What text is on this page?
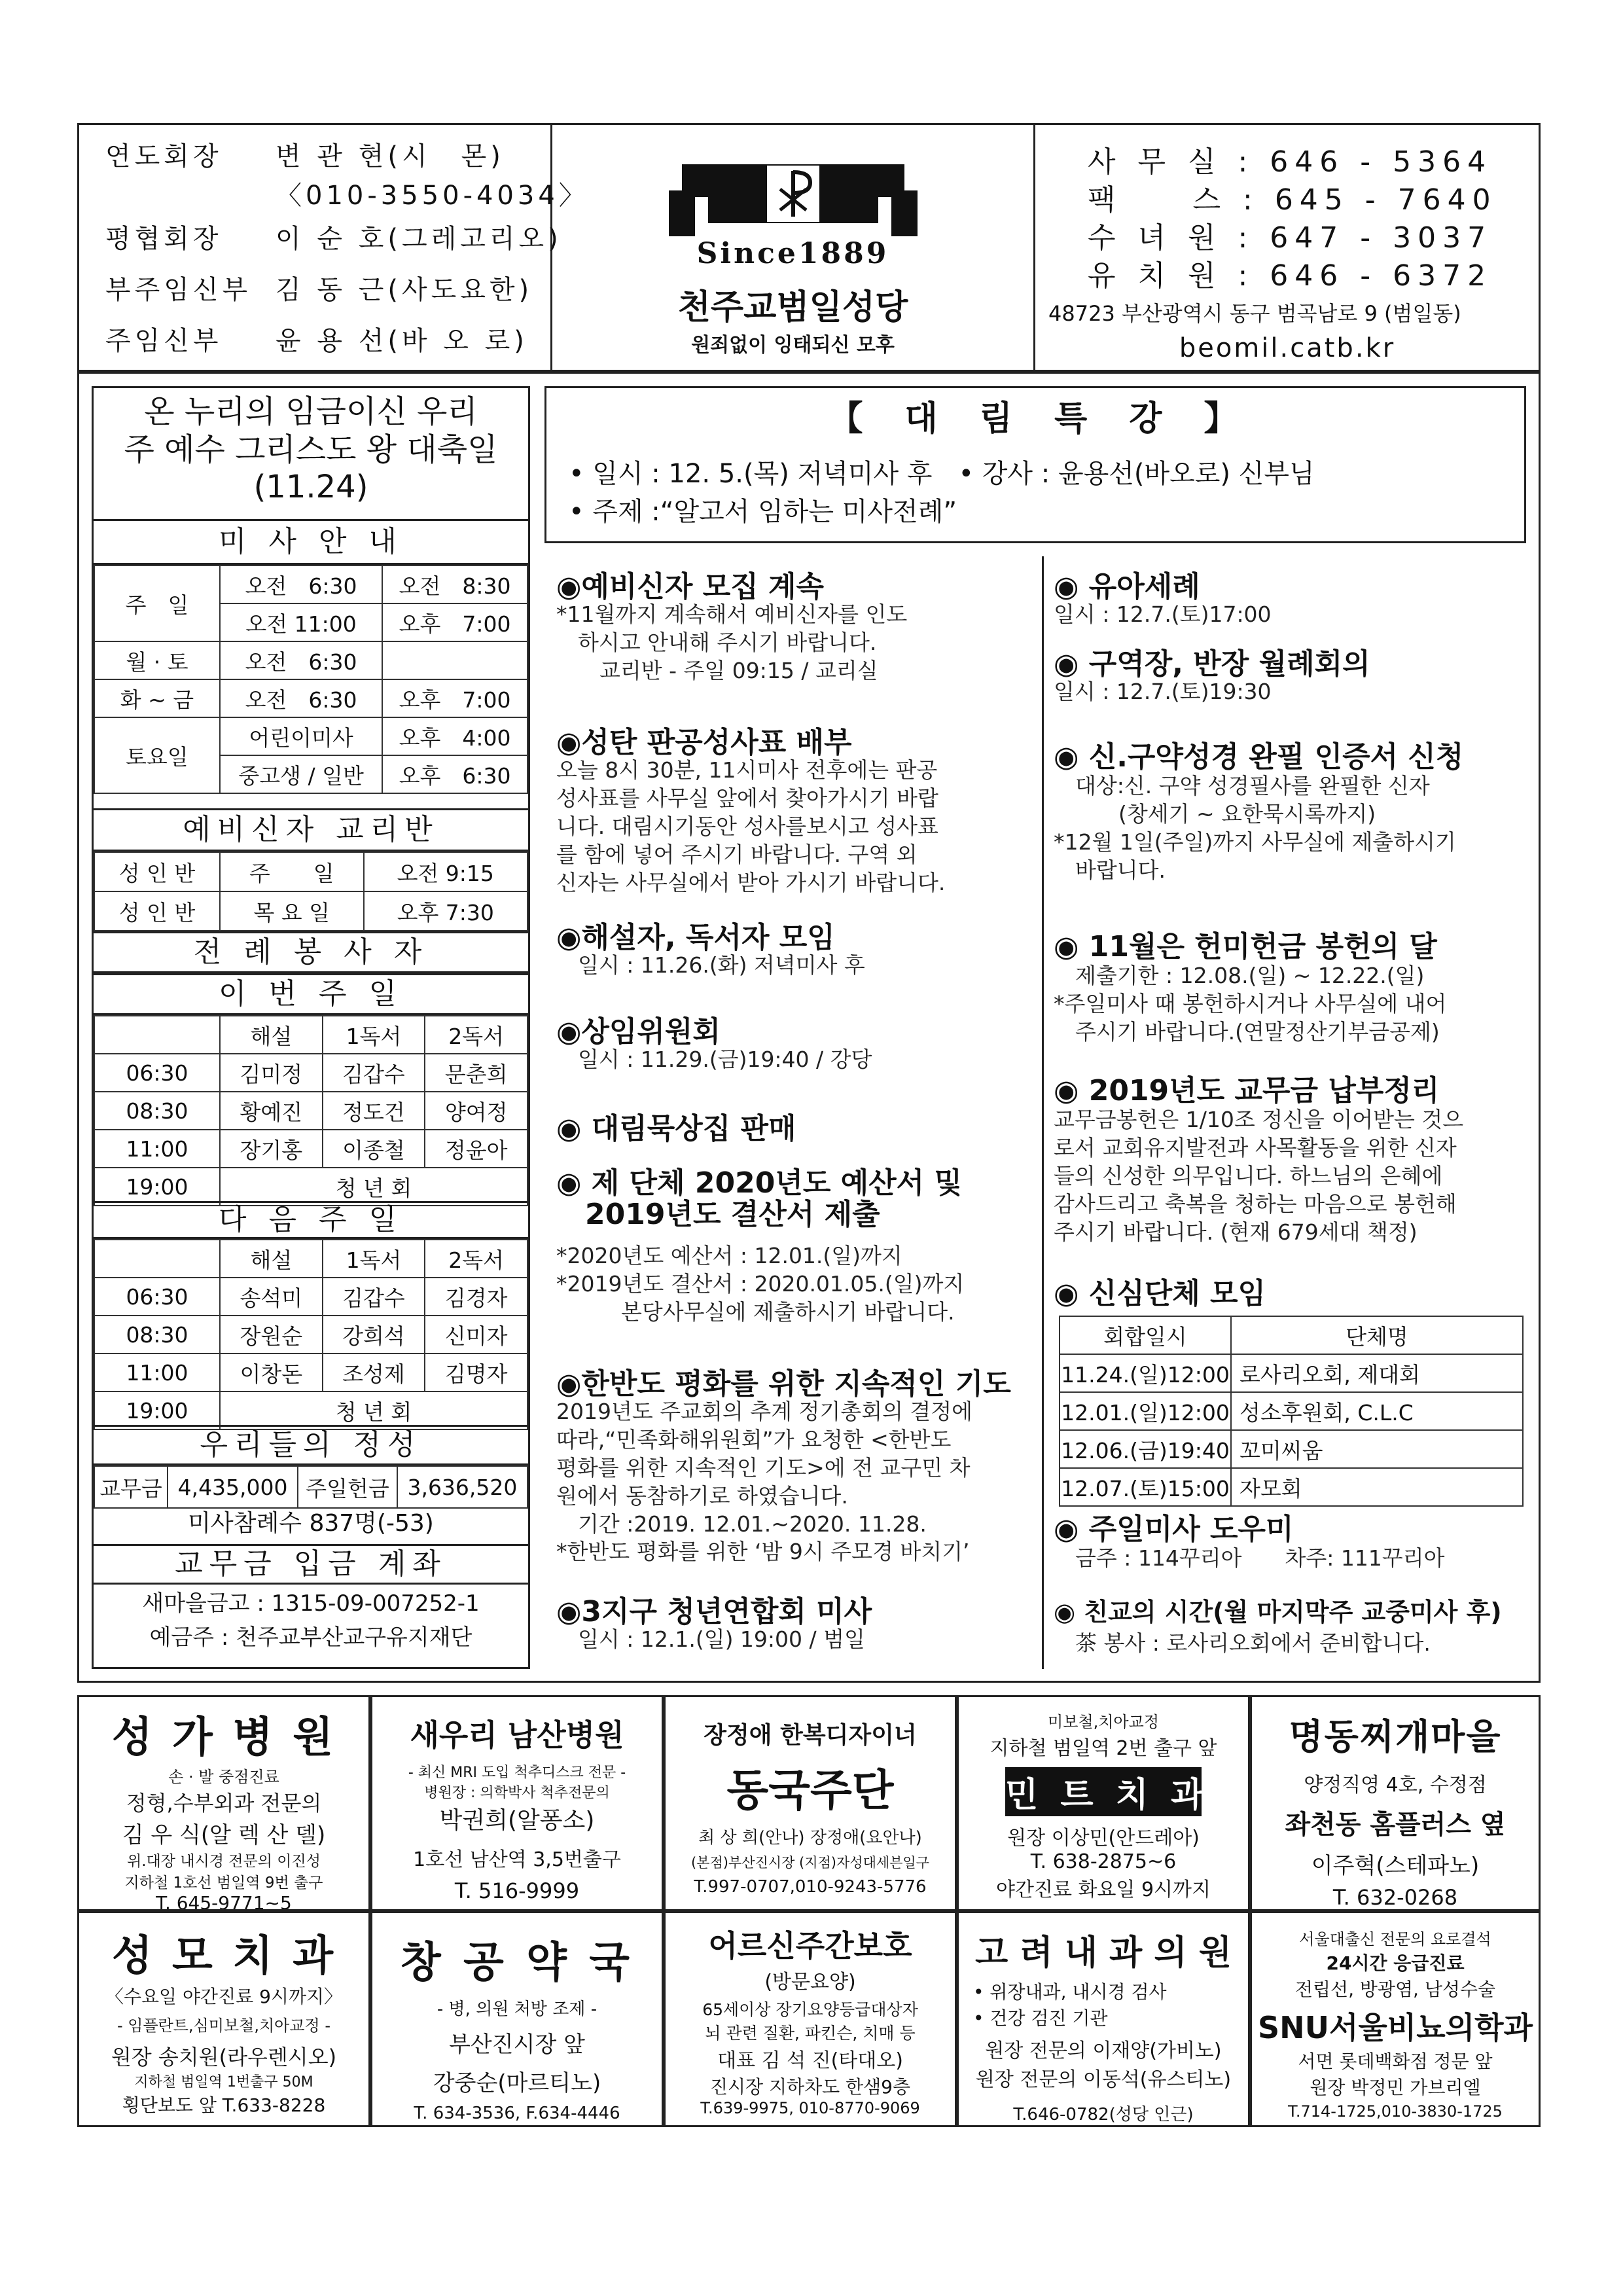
연도회장 변 관 현(시　몬)
〈010-3550-4034〉
평협회장 이 순 호(그레고리오)
부주임신부 김 동 근(사도요한)
주임신부 윤 용 선(바 오 로)
Since1889
천주교범일성당
원죄없이 잉태되신 모후
사 무 실 : 646 - 5364
팩　　스 : 645 - 7640
수 녀 원 : 647 - 3037
유 치 원 : 646 - 6372
48723 부산광역시 동구 범곡남로 9 (범일동)
beomil.catb.kr
온 누리의 임금이신 우리
주 예수 그리스도 왕 대축일
(11.24)
미 사 안 내
주　일	오전　6:30	오전　8:30
	오전 11:00	오후　7:00
월 · 토	오전　6:30	
화 ~ 금	오전　6:30	오후　7:00
토요일	어린이미사	오후　4:00
	중고생 / 일반	오후　6:30
예비신자 교리반
성 인 반	주　　일	오전 9:15
성 인 반	목 요 일	오후 7:30
전 례 봉 사 자
이 번 주 일
	해설	1독서	2독서
06:30	김미정	김갑수	문춘희
08:30	황예진	정도건	양여정
11:00	장기홍	이종철	정윤아
19:00	청 년 회		
다 음 주 일
	해설	1독서	2독서
06:30	송석미	김갑수	김경자
08:30	장원순	강희석	신미자
11:00	이창돈	조성제	김명자
19:00	청 년 회		
우리들의 정성
교무금	4,435,000	주일헌금	3,636,520
미사참례수 837명(-53)
교무금 입금 계좌
새마을금고 : 1315-09-007252-1
예금주 : 천주교부산교구유지재단
【　대　림　특　강　】
• 일시 : 12. 5.(목) 저녁미사 후　• 강사 : 윤용선(바오로) 신부님
• 주제 :“알고서 임하는 미사전례”
◉예비신자 모집 계속
*11월까지 계속해서 예비신자를 인도
　하시고 안내해 주시기 바랍니다.
　　교리반 - 주일 09:15 / 교리실
◉성탄 판공성사표 배부
오늘 8시 30분, 11시미사 전후에는 판공
성사표를 사무실 앞에서 찾아가시기 바랍
니다. 대림시기동안 성사를보시고 성사표
를 함에 넣어 주시기 바랍니다. 구역 외
신자는 사무실에서 받아 가시기 바랍니다.
◉해설자, 독서자 모임
　일시 : 11.26.(화) 저녁미사 후
◉상임위원회
　일시 : 11.29.(금)19:40 / 강당
◉ 대림묵상집 판매
◉ 제 단체 2020년도 예산서 및
　2019년도 결산서 제출
*2020년도 예산서 : 12.01.(일)까지
*2019년도 결산서 : 2020.01.05.(일)까지
　　　본당사무실에 제출하시기 바랍니다.
◉한반도 평화를 위한 지속적인 기도
2019년도 주교회의 추계 정기총회의 결정에
따라,“민족화해위원회”가 요청한 <한반도
평화를 위한 지속적인 기도>에 전 교구민 차
원에서 동참하기로 하였습니다.
　기간 :2019. 12.01.~2020. 11.28.
*한반도 평화를 위한 ‘밤 9시 주모경 바치기’
◉3지구 청년연합회 미사
　일시 : 12.1.(일) 19:00 / 범일
◉ 유아세례
일시 : 12.7.(토)17:00
◉ 구역장, 반장 월례회의
일시 : 12.7.(토)19:30
◉ 신.구약성경 완필 인증서 신청
　대상:신. 구약 성경필사를 완필한 신자
　　　(창세기 ~ 요한묵시록까지)
*12월 1일(주일)까지 사무실에 제출하시기
　바랍니다.
◉ 11월은 헌미헌금 봉헌의 달
　제출기한 : 12.08.(일) ~ 12.22.(일)
*주일미사 때 봉헌하시거나 사무실에 내어
　주시기 바랍니다.(연말정산기부금공제)
◉ 2019년도 교무금 납부정리
교무금봉헌은 1/10조 정신을 이어받는 것으
로서 교회유지발전과 사목활동을 위한 신자
들의 신성한 의무입니다. 하느님의 은혜에
감사드리고 축복을 청하는 마음으로 봉헌해
주시기 바랍니다. (현재 679세대 책정)
◉ 신심단체 모임
회합일시	단체명
11.24.(일)12:00	로사리오회, 제대회
12.01.(일)12:00	성소후원회, C.L.C
12.06.(금)19:40	꼬미씨움
12.07.(토)15:00	자모회
◉ 주일미사 도우미
　금주 : 114꾸리아　　차주: 111꾸리아
◉ 친교의 시간(월 마지막주 교중미사 후)
　茶 봉사 : 로사리오회에서 준비합니다.
성 가 병 원
손 · 발 중점진료
정형,수부외과 전문의
김 우 식(알 렉 산 델)
위.대장 내시경 전문의 이진성
지하철 1호선 범일역 9번 출구
T. 645-9771~5
새우리 남산병원
- 최신 MRI 도입 척추디스크 전문 -
병원장 : 의학박사 척추전문의
박권희(알퐁소)
1호선 남산역 3,5번출구
T. 516-9999
장정애 한복디자이너
동국주단
최 상 희(안나) 장정애(요안나)
(본점)부산진시장 (지점)자성대세븐일구
T.997-0707,010-9243-5776
미보철,치아교정
지하철 범일역 2번 출구 앞
민 트 치 과
원장 이상민(안드레아)
T. 638-2875~6
야간진료 화요일 9시까지
명동찌개마을
양정직영 4호, 수정점
좌천동 홈플러스 옆
이주혁(스테파노)
T. 632-0268
성 모 치 과
〈수요일 야간진료 9시까지〉
- 임플란트,심미보철,치아교정 -
원장 송치원(라우렌시오)
지하철 범일역 1번출구 50M
횡단보도 앞 T.633-8228
창 공 약 국
- 병, 의원 처방 조제 -
부산진시장 앞
강중순(마르티노)
T. 634-3536, F.634-4446
어르신주간보호
(방문요양)
65세이상 장기요양등급대상자
뇌 관련 질환, 파킨슨, 치매 등
대표 김 석 진(타대오)
진시장 지하차도 한샘9층
T.639-9975, 010-8770-9069
고 려 내 과 의 원
• 위장내과, 내시경 검사
• 건강 검진 기관
원장 전문의 이재양(가비노)
원장 전문의 이동석(유스티노)
T.646-0782(성당 인근)
서울대출신 전문의 요로결석
24시간 응급진료
전립선, 방광염, 남성수술
SNU서울비뇨의학과
서면 롯데백화점 정문 앞
원장 박정민 가브리엘
T.714-1725,010-3830-1725
